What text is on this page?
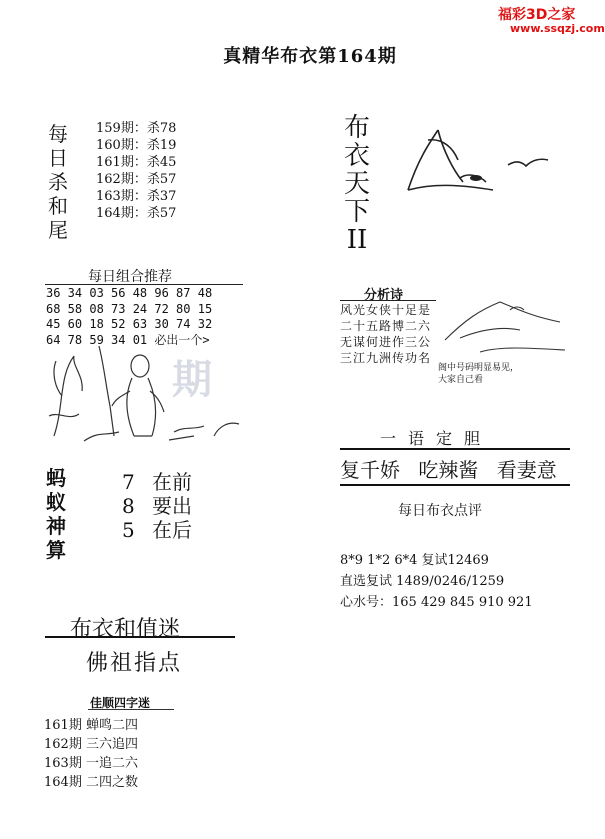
福彩3D之家
www.ssqzj.com
真精华布衣第164期
每
日
杀
和
尾
159期：杀78
160期：杀19
161期：杀45
162期：杀57
163期：杀37
164期：杀57
每日组合推荐
36 34 03 56 48 96 87 48
68 58 08 73 24 72 80 15
45 60 18 52 63 30 74 32
64 78 59 34 01 必出一个>
期
蚂
蚁
神
算
7 在前
8 要出
5 在后
布衣和值迷
佛祖指点
佳顺四字迷
161期 蝉鸣二四
162期 三六追四
163期 一追二六
164期 二四之数
布
衣
天
下
II
分析诗
风光女侠十足是
二十五路博二六
无谋何进作三公
三江九洲传功名
阁中号码明显易见，
大家自己看
一语定胆
复千娇 吃辣酱 看妻意
每日布衣点评
8*9 1*2 6*4 复试12469
直选复试 1489/0246/1259
心水号：165 429 845 910 921
